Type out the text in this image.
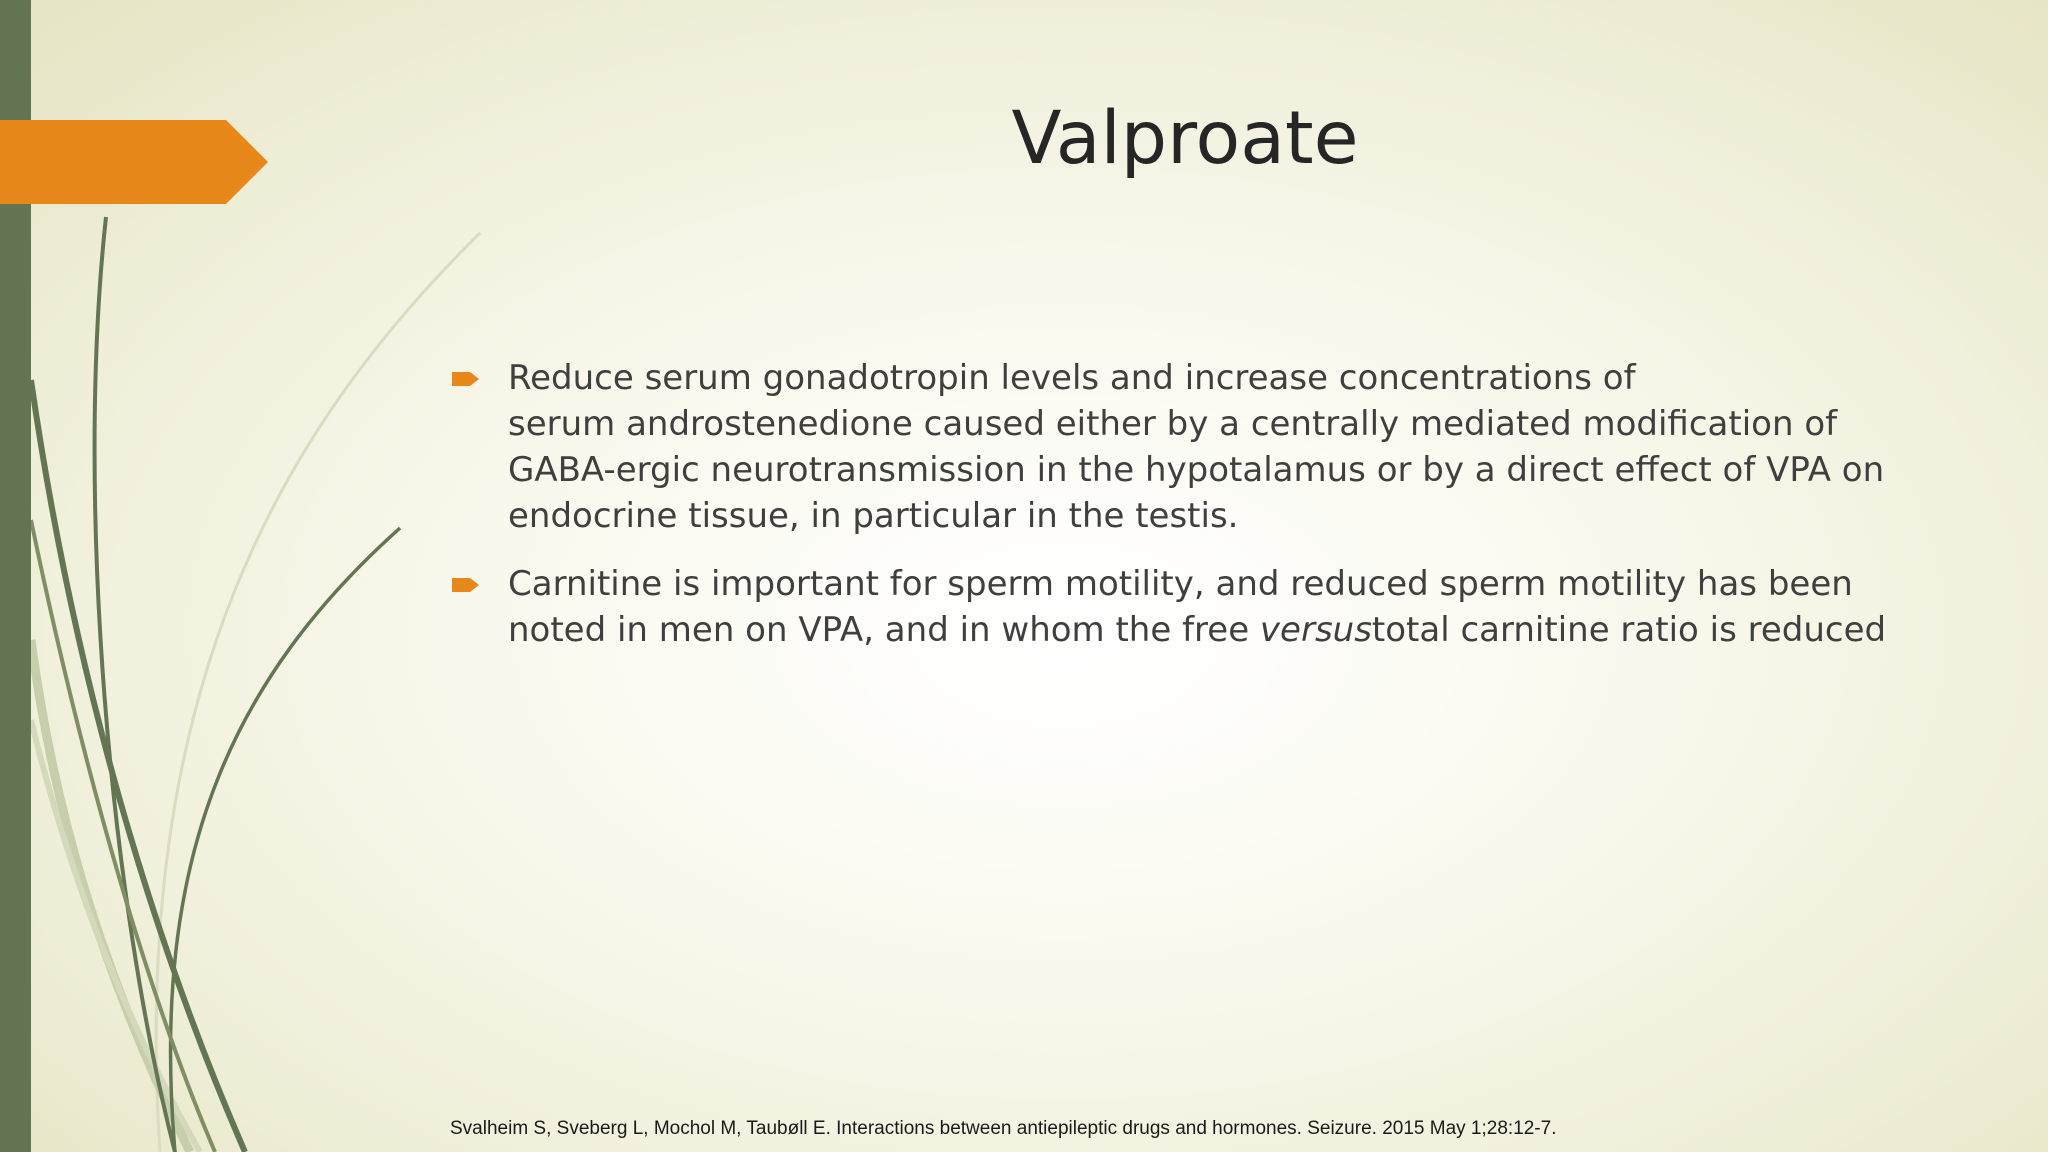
Valproate
Reduce serum gonadotropin levels and increase concentrations of
serum androstenedione caused either by a centrally mediated modification of
GABA-ergic neurotransmission in the hypotalamus or by a direct effect of VPA on
endocrine tissue, in particular in the testis.
Carnitine is important for sperm motility, and reduced sperm motility has been
noted in men on VPA, and in whom the free versustotal carnitine ratio is reduced
Svalheim S, Sveberg L, Mochol M, Taubøll E. Interactions between antiepileptic drugs and hormones. Seizure. 2015 May 1;28:12-7.
